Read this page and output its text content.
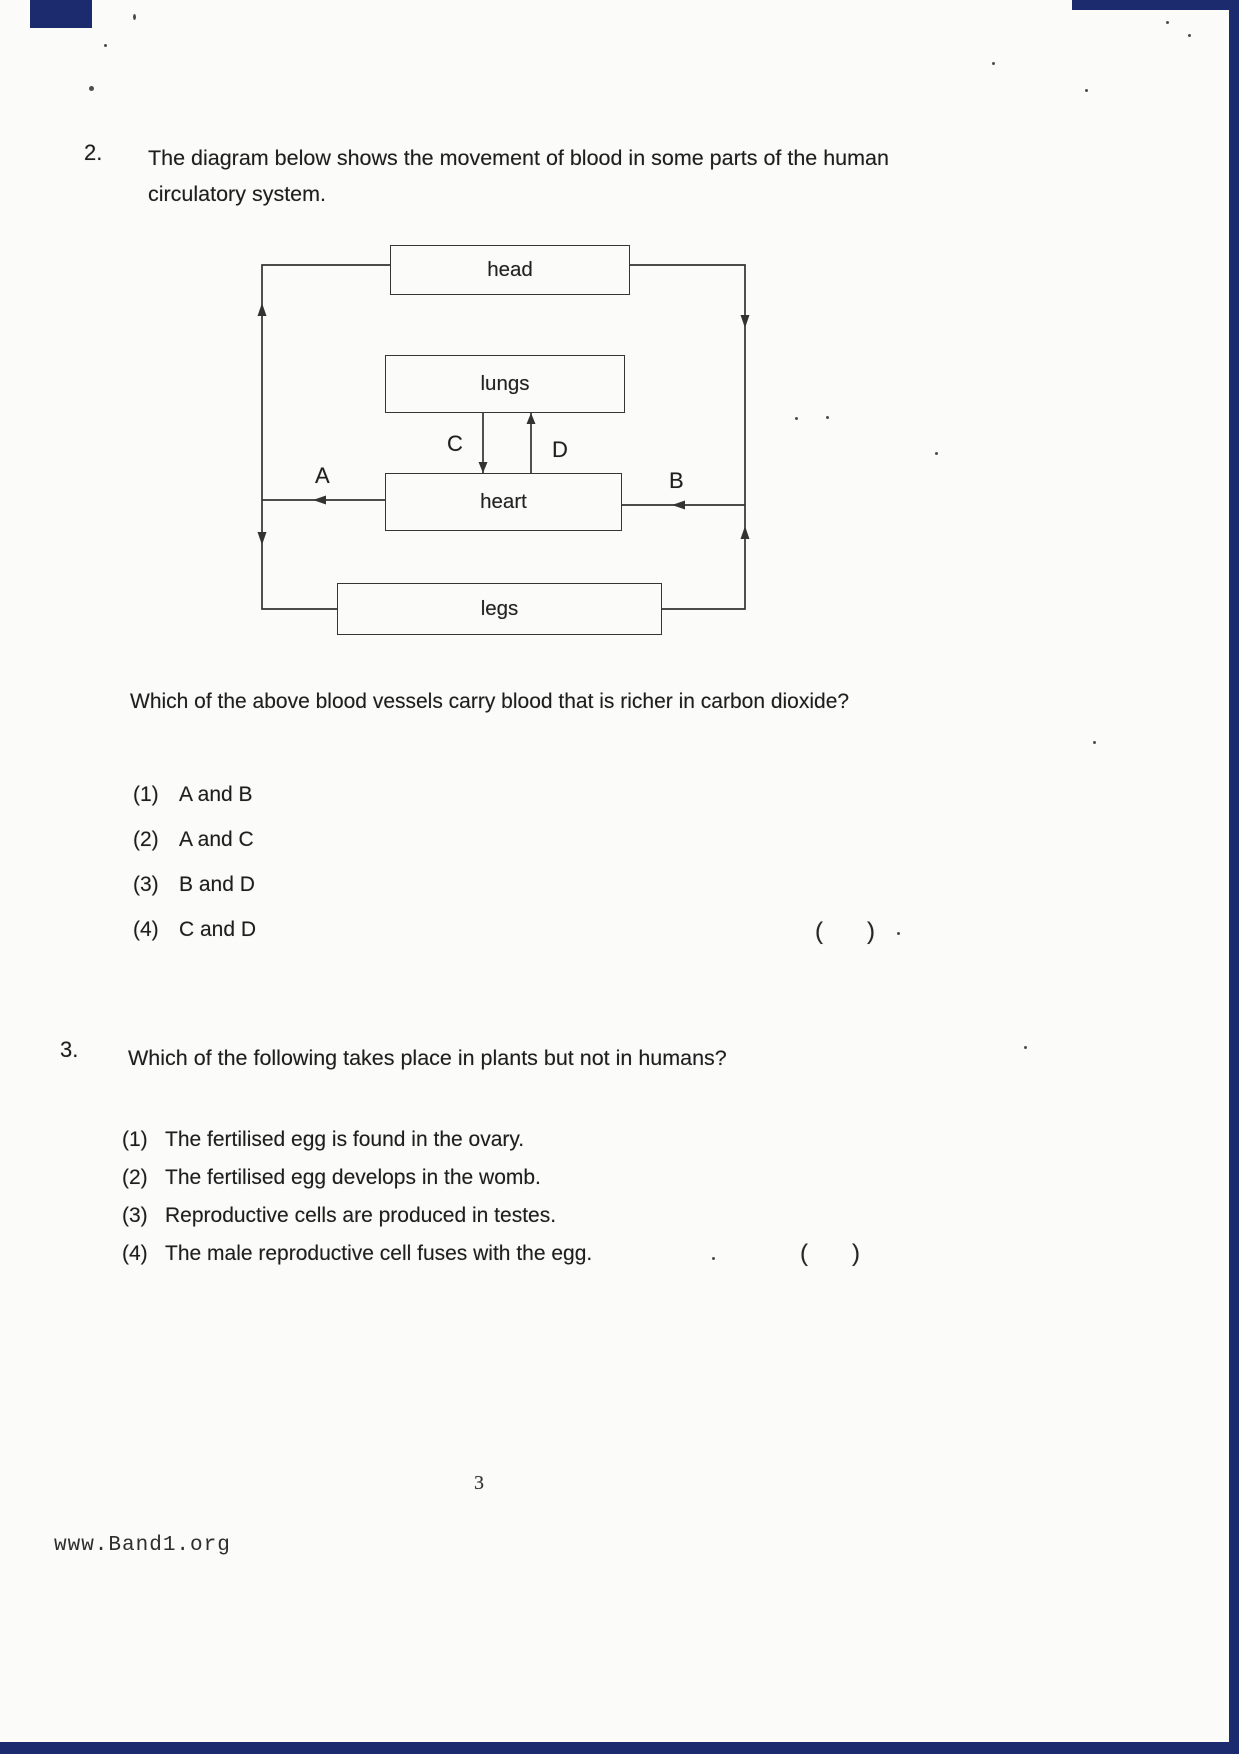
2. The diagram below shows the movement of blood in some parts of the human circulatory system.
head
lungs
heart
legs
A	B
C	D
Which of the above blood vessels carry blood that is richer in carbon dioxide?
(1) A and B
(2) A and C
(3) B and D
(4) C and D	( )
3. Which of the following takes place in plants but not in humans?
(1) The fertilised egg is found in the ovary.
(2) The fertilised egg develops in the womb.
(3) Reproductive cells are produced in testes.
(4) The male reproductive cell fuses with the egg.	( )
3
www.Band1.org
